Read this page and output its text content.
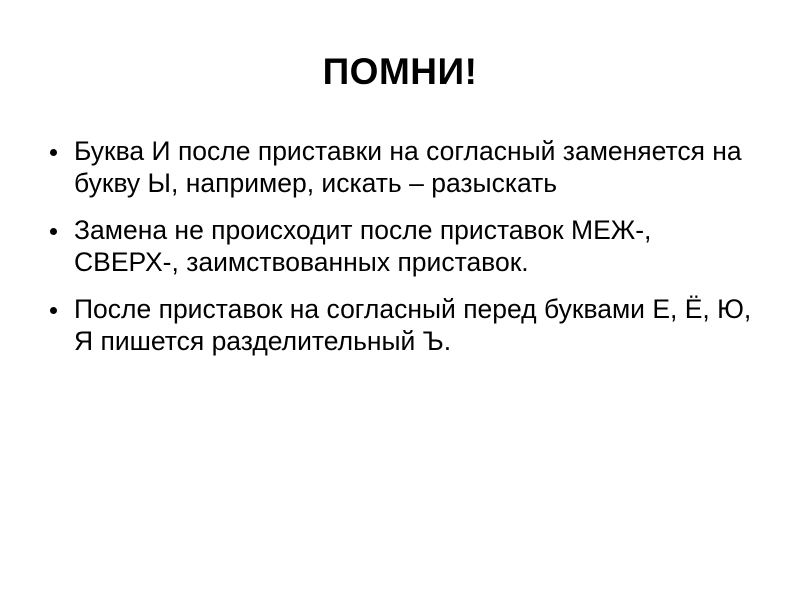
ПОМНИ!
Буква И после приставки на согласный заменяется на букву Ы, например, искать – разыскать
Замена не происходит после приставок МЕЖ-, СВЕРХ-, заимствованных приставок.
После приставок на согласный перед буквами Е, Ё, Ю, Я пишется разделительный Ъ.
